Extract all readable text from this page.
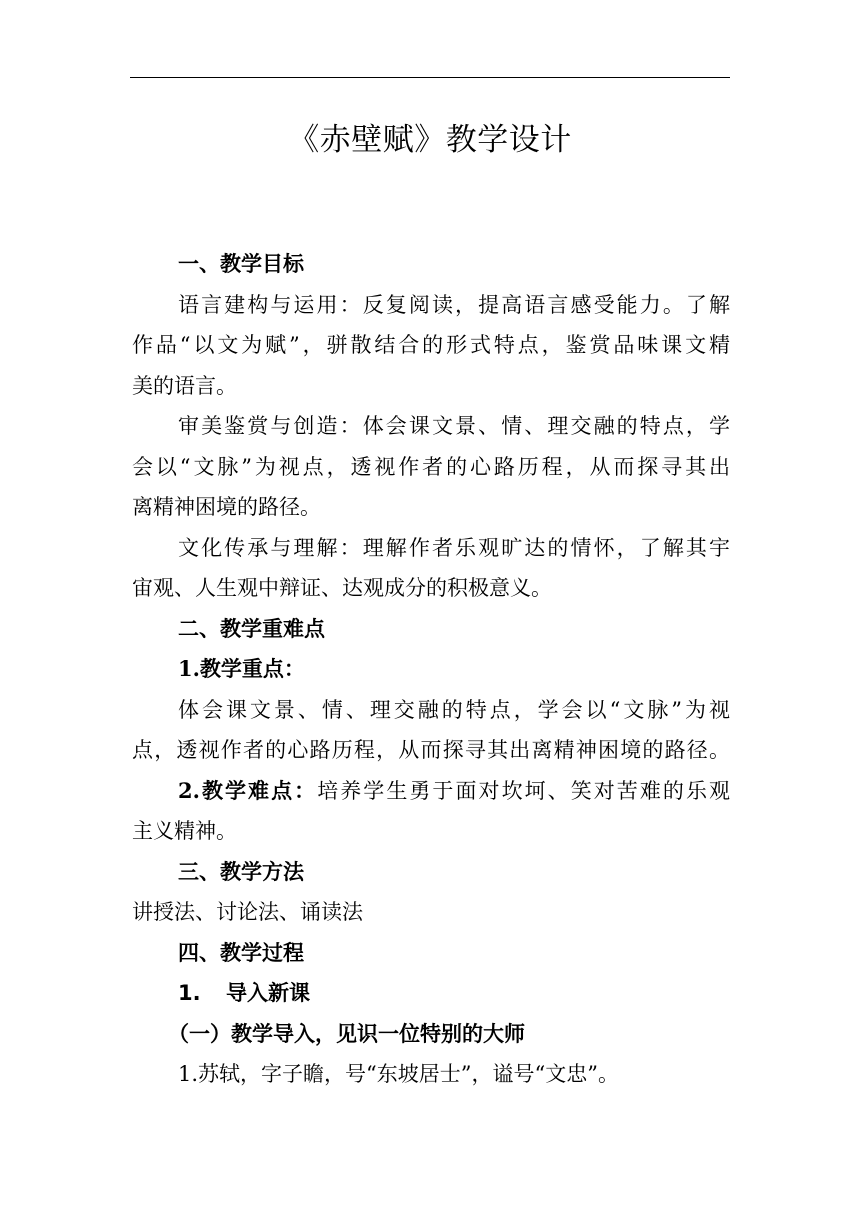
《赤壁赋》教学设计
一、教学目标
语言建构与运用：反复阅读，提高语言感受能力。了解
作品“以文为赋”，骈散结合的形式特点，鉴赏品味课文精
美的语言。
审美鉴赏与创造：体会课文景、情、理交融的特点，学
会以“文脉”为视点，透视作者的心路历程，从而探寻其出
离精神困境的路径。
文化传承与理解：理解作者乐观旷达的情怀，了解其宇
宙观、人生观中辩证、达观成分的积极意义。
二、教学重难点
1.教学重点：
体会课文景、情、理交融的特点，学会以“文脉”为视
点，透视作者的心路历程，从而探寻其出离精神困境的路径。
2.教学难点：培养学生勇于面对坎坷、笑对苦难的乐观
主义精神。
三、教学方法
讲授法、讨论法、诵读法
四、教学过程
1. 导入新课
（一）教学导入，见识一位特别的大师
1.苏轼，字子瞻，号“东坡居士”，谥号“文忠”。
